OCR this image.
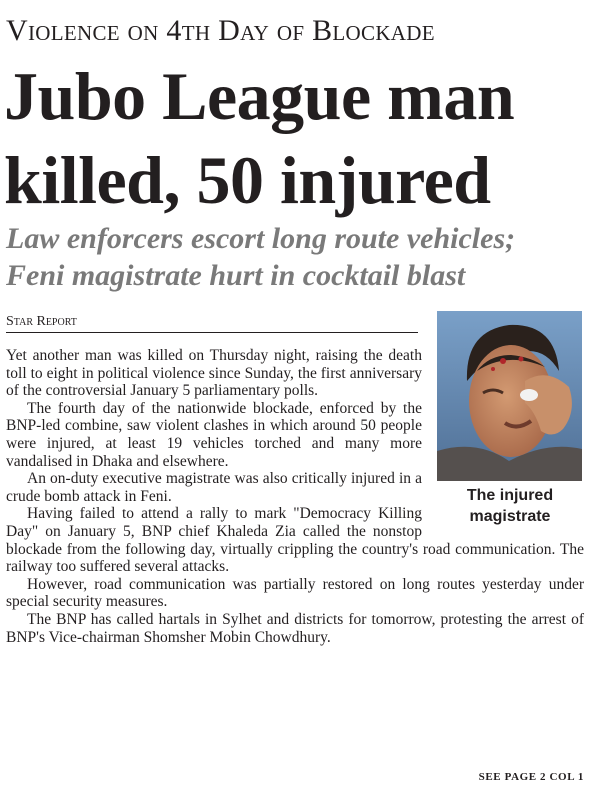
Violence on 4th Day of Blockade
Jubo League man
killed, 50 injured
Law enforcers escort long route vehicles;
Feni magistrate hurt in cocktail blast
Star Report
The injured
magistrate

Yet another man was killed on Thursday night, raising the death toll to eight in political violence since Sunday, the first anniversary of the controversial January 5 parliamentary polls.

The fourth day of the nationwide blockade, enforced by the BNP-led combine, saw violent clashes in which around 50 people were injured, at least 19 vehicles torched and many more vandalised in Dhaka and elsewhere.

An on-duty executive magistrate was also critically injured in a crude bomb attack in Feni.

Having failed to attend a rally to mark "Democracy Killing Day" on January 5, BNP chief Khaleda Zia called the nonstop blockade from the following day, virtually crippling the country's road communication. The railway too suffered several attacks.

However, road communication was partially restored on long routes yesterday under special security measures.

The BNP has called hartals in Sylhet and districts for tomorrow, protesting the arrest of BNP's Vice-chairman Shomsher Mobin Chowdhury.

SEE PAGE 2 COL 1
